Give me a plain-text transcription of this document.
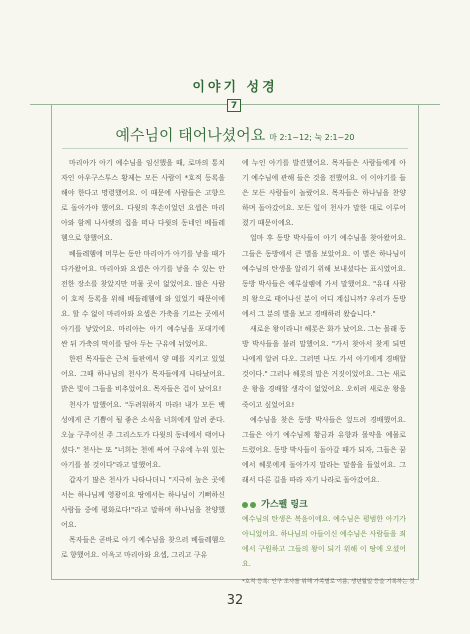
이야기 성경
7
예수님이 태어나셨어요 마 2:1~12; 눅 2:1~20

마리아가 아기 예수님을 임신했을 때, 로마의 통치자인 아우구스투스 황제는 모든 사람이 *호적 등록을 해야 한다고 명령했어요. 이 때문에 사람들은 고향으로 돌아가야 했어요. 다윗의 후손이었던 요셉은 마리아와 함께 나사렛의 집을 떠나 다윗의 동네인 베들레헴으로 향했어요.

베들레헴에 머무는 동안 마리아가 아기를 낳을 때가 다가왔어요. 마리아와 요셉은 아기를 낳을 수 있는 안전한 장소를 찾았지만 머물 곳이 없었어요. 많은 사람이 호적 등록을 위해 베들레헴에 와 있었기 때문이에요. 할 수 없이 마리아와 요셉은 가축을 기르는 곳에서 아기를 낳았어요. 마리아는 아기 예수님을 포대기에 싼 뒤 가축의 먹이를 담아 두는 구유에 뉘었어요.

한편 목자들은 근처 들판에서 양 떼를 지키고 있었어요. 그때 하나님의 천사가 목자들에게 나타났어요. 밝은 빛이 그들을 비추었어요. 목자들은 겁이 났어요!

천사가 말했어요. "두려워하지 마라! 내가 모든 백성에게 큰 기쁨이 될 좋은 소식을 너희에게 알려 준다. 오늘 구주이신 주 그리스도가 다윗의 동네에서 태어나셨다." 천사는 또 "너희는 천에 싸여 구유에 누워 있는 아기를 볼 것이다"라고 말했어요.

갑자기 많은 천사가 나타나더니 "지극히 높은 곳에서는 하나님께 영광이요 땅에서는 하나님이 기뻐하신 사람들 중에 평화로다!"라고 말하며 하나님을 찬양했어요.

목자들은 곧바로 아기 예수님을 찾으러 베들레헴으로 향했어요. 이윽고 마리아와 요셉, 그리고 구유

에 누인 아기를 발견했어요. 목자들은 사람들에게 아기 예수님에 관해 들은 것을 전했어요. 이 이야기를 들은 모든 사람들이 놀랐어요. 목자들은 하나님을 찬양하며 돌아갔어요. 모든 일이 천사가 말한 대로 이루어졌기 때문이에요.

얼마 후 동방 박사들이 아기 예수님을 찾아왔어요. 그들은 동방에서 큰 별을 보았어요. 이 별은 하나님이 예수님의 탄생을 알리기 위해 보내셨다는 표시였어요. 동방 박사들은 예루살렘에 가서 말했어요. "유대 사람의 왕으로 태어나신 분이 어디 계십니까? 우리가 동방에서 그 분의 별을 보고 경배하러 왔습니다."

새로운 왕이라니! 헤롯은 화가 났어요. 그는 몰래 동방 박사들을 불러 말했어요. "가서 찾아서 찾게 되면 나에게 알려 다오. 그러면 나도 가서 아기에게 경배할 것이다." 그러나 헤롯의 말은 거짓이었어요. 그는 새로운 왕을 경배할 생각이 없었어요. 오히려 새로운 왕을 죽이고 싶었어요!

예수님을 찾은 동방 박사들은 엎드려 경배했어요. 그들은 아기 예수님께 황금과 유향과 몰약을 예물로 드렸어요. 동방 박사들이 돌아갈 때가 되자, 그들은 꿈에서 헤롯에게 돌아가지 말라는 말씀을 들었어요. 그래서 다른 길을 따라 자기 나라로 돌아갔어요.

가스펠 링크

예수님의 탄생은 복음이에요. 예수님은 평범한 아기가 아니었어요. 하나님의 아들이신 예수님은 사람들을 죄에서 구원하고 그들의 왕이 되기 위해 이 땅에 오셨어요.

*호적 등록: 인구 조사를 위해 가족별로 이름, 생년월일 등을 기록하는 것
32
